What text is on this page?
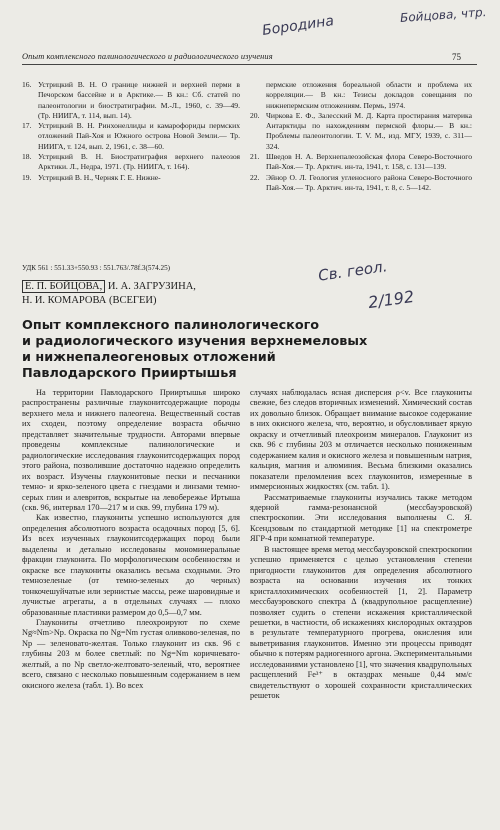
Бородина	Бойцова, чтр.
Опыт комплексного палинологического и радиологического изучения	75
16. Устрицкий В. Н. О границе нижней и верхней перми в Печорском бассейне и в Арктике.— В кн.: Сб. статей по палеонтологии и биостратиграфии. М.-Л., 1960, с. 39—49. (Тр. НИИГА, т. 114, вып. 14).
17. Устрицкий В. Н. Ринхонеллиды и камарофориды пермских отложений Пай-Хоя и Южного острова Новой Земли.— Тр. НИИГА, т. 124, вып. 2, 1961, с. 38—60.
18. Устрицкий В. Н. Биостратиграфия верхнего палеозоя Арктики. Л., Недра, 1971. (Тр. НИИГА, т. 164).
19. Устрицкий В. Н., Черняк Г. Е. Нижне-
пермские отложения бореальной области и проблема их корреляции.— В кн.: Тезисы докладов совещания по нижнепермским отложениям. Пермь, 1974.
20. Чиркова Е. Ф., Залесский М. Д. Карта простирания материка Антарктиды по нахождениям пермской флоры.— В кн.: Проблемы палеонтологии. Т. V. М., изд. МГУ, 1939, с. 311—324.
21. Шведов Н. А. Верхнепалеозойская флора Северо-Восточного Пай-Хоя.— Тр. Арктич. ин-та, 1941, т. 158, с. 131—139.
22. Эйнор О. Л. Геология угленосного района Северо-Восточного Пай-Хоя.— Тр. Арктич. ин-та, 1941, т. 8, с. 5—142.
УДК 561 : 551.33+550.93 : 551.763/.78f.3(574.25)	Св. геол.
2/192
Е. П. БОЙЦОВА, И. А. ЗАГРУЗИНА,
Н. И. КОМАРОВА (ВСЕГЕИ)
Опыт комплексного палинологического
и радиологического изучения верхнемеловых
и нижнепалеогеновых отложений
Павлодарского Прииртышья

На территории Павлодарского Прииртышья широко распространены различные глауконитсодержащие породы верхнего мела и нижнего палеогена. Вещественный состав их сходен, поэтому определение возраста обычно представляет значительные трудности. Авторами впервые проведены комплексные палинологические и радиологические исследования глауконитсодержащих пород этого района, позволившие достаточно надежно определить их возраст. Изучены глауконитовые пески и песчаники темно- и ярко-зеленого цвета с гнездами и линзами темно-серых глин и алевритов, вскрытые на левобережье Иртыша (скв. 96, интервал 170—217 м и скв. 99, глубина 179 м).

Как известно, глаукониты успешно используются для определения абсолютного возраста осадочных пород [5, 6]. Из всех изученных глауконитсодержащих пород были выделены и детально исследованы мономинеральные фракции глауконита. По морфологическим особенностям и окраске все глаукониты оказались весьма сходными. Это темнозеленые (от темно-зеленых до черных) тонкочешуйчатые или зернистые массы, реже шаровидные и лучистые агрегаты, а в отдельных случаях — плохо образованные пластинки размером до 0,5—0,7 мм.

Глаукониты отчетливо плеохроируют по схеме Ng≈Nm>Np. Окраска по Ng=Nm густая оливково-зеленая, по Np — зеленовато-желтая. Только глауконит из скв. 96 с глубины 203 м более светлый: по Ng=Nm коричневато-желтый, а по Np светло-желтовато-зеленый, что, вероятнее всего, связано с несколько повышенным содержанием в нем окисного железа (табл. 1). Во всех

случаях наблюдалась ясная дисперсия ρ<v. Все глаукониты свежие, без следов вторичных изменений. Химический состав их довольно близок. Обращает внимание высокое содержание в них окисного железа, что, вероятно, и обусловливает яркую окраску и отчетливый плеохроизм минералов. Глауконит из скв. 96 с глубины 203 м отличается несколько пониженным содержанием калия и окисного железа и повышенным натрия, кальция, магния и алюминия. Весьма близкими оказались показатели преломления всех глауконитов, измеренные в иммерсионных жидкостях (см. табл. 1).

Рассматриваемые глаукониты изучались также методом ядерной гамма-резонансной (мессбауэровской) спектроскопии. Эти исследования выполнены С. Я. Ксендзовым по стандартной методике [1] на спектрометре ЯГР-4 при комнатной температуре.

В настоящее время метод мессбауэровской спектроскопии успешно применяется с целью установления степени пригодности глауконитов для определения абсолютного возраста на основании изучения их тонких кристаллохимических особенностей [1, 2]. Параметр мессбауэровского спектра Δ (квадрупольное расщепление) позволяет судить о степени искажения кристаллической решетки, в частности, об искажениях кислородных октаэдров в результате температурного прогрева, окисления или выветривания глауконитов. Именно эти процессы приводят обычно к потерям радиогенного аргона. Экспериментальными исследованиями установлено [1], что значения квадрупольных расщеплений Fe³⁺ в октаэдрах меньше 0,44 мм/с свидетельствуют о хорошей сохранности кристаллических решеток
